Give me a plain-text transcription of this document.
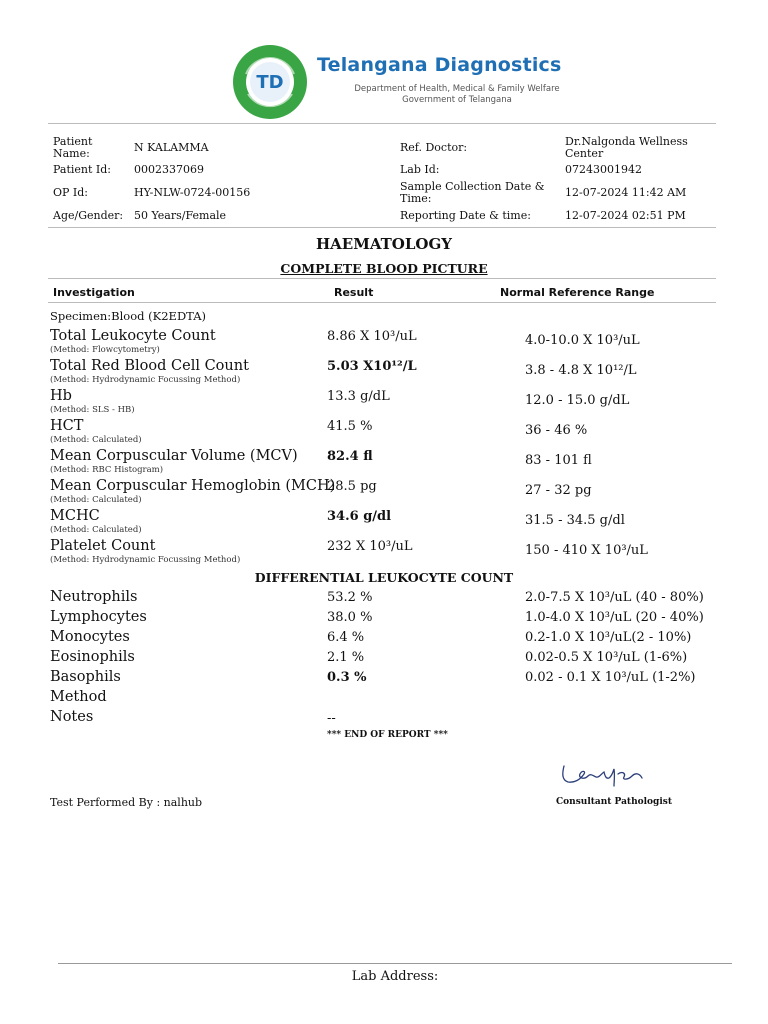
TD
Telangana Diagnostics
Department of Health, Medical & Family Welfare
Government of Telangana
Patient Name:	N KALAMMA	Ref. Doctor:	Dr.Nalgonda Wellness Center
Patient Id: 0002337069	Lab Id:	07243001942
OP Id:	HY-NLW-0724-00156	Sample Collection Date & Time:	12-07-2024 11:42 AM
Age/Gender: 50 Years/Female	Reporting Date & time:	12-07-2024 02:51 PM
HAEMATOLOGY
COMPLETE BLOOD PICTURE
Investigation	Result	Normal Reference Range
Specimen:Blood (K2EDTA)
Total Leukocyte Count
(Method: Flowcytometry)
8.86 X 10³/uL	4.0-10.0 X 10³/uL
Total Red Blood Cell Count
(Method: Hydrodynamic Focussing Method)
5.03 X10¹²/L	3.8 - 4.8 X 10¹²/L
Hb
(Method: SLS - HB)
13.3 g/dL	12.0 - 15.0 g/dL
HCT
(Method: Calculated)
41.5 %	36 - 46 %
Mean Corpuscular Volume (MCV)
(Method: RBC Histogram)
82.4 fl	83 - 101 fl
Mean Corpuscular Hemoglobin (MCH)
(Method: Calculated)
28.5 pg	27 - 32 pg
MCHC
(Method: Calculated)
34.6 g/dl	31.5 - 34.5 g/dl
Platelet Count
(Method: Hydrodynamic Focussing Method)
232 X 10³/uL	150 - 410 X 10³/uL
DIFFERENTIAL LEUKOCYTE COUNT
Neutrophils	53.2 %	2.0-7.5 X 10³/uL (40 - 80%)
Lymphocytes	38.0 %	1.0-4.0 X 10³/uL (20 - 40%)
Monocytes	6.4 %	0.2-1.0 X 10³/uL(2 - 10%)
Eosinophils	2.1 %	0.02-0.5 X 10³/uL (1-6%)
Basophils	0.3 %	0.02 - 0.1 X 10³/uL (1-2%)
Method
Notes	--
*** END OF REPORT ***
Test Performed By : nalhub	Consultant Pathologist
Lab Address:
